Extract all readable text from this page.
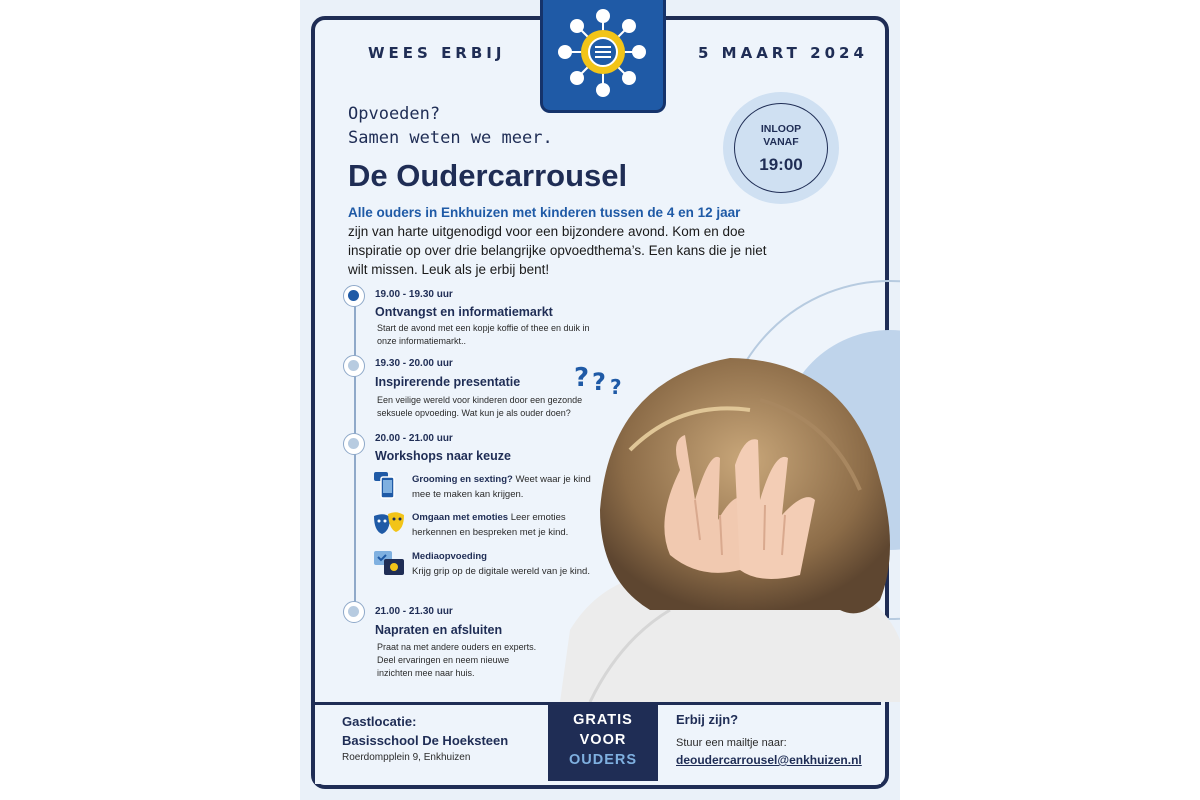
WEES ERBIJ	5 MAART 2024
Opvoeden?
Samen weten we meer.
De Oudercarrousel
INLOOP
VANAF
19:00
Alle ouders in Enkhuizen met kinderen tussen de 4 en 12 jaar
zijn van harte uitgenodigd voor een bijzondere avond. Kom en doe inspiratie op over drie belangrijke opvoedthema’s. Een kans die je niet wilt missen. Leuk als je erbij bent!
19.00 - 19.30 uur
Ontvangst en informatiemarkt
Start de avond met een kopje koffie of thee en duik in onze informatiemarkt..
19.30 - 20.00 uur
Inspirerende presentatie
Een veilige wereld voor kinderen door een gezonde seksuele opvoeding. Wat kun je als ouder doen?
? ? ?
20.00 - 21.00 uur
Workshops naar keuze
Grooming en sexting? Weet waar je kind mee te maken kan krijgen.
Omgaan met emoties Leer emoties herkennen en bespreken met je kind.
Mediaopvoeding
Krijg grip op de digitale wereld van je kind.
21.00 - 21.30 uur
Napraten en afsluiten
Praat na met andere ouders en experts. Deel ervaringen en neem nieuwe inzichten mee naar huis.
Gastlocatie:
Basisschool De Hoeksteen
Roerdompplein 9, Enkhuizen
GRATIS
VOOR
OUDERS
Erbij zijn?
Stuur een mailtje naar:
deoudercarrousel@enkhuizen.nl
